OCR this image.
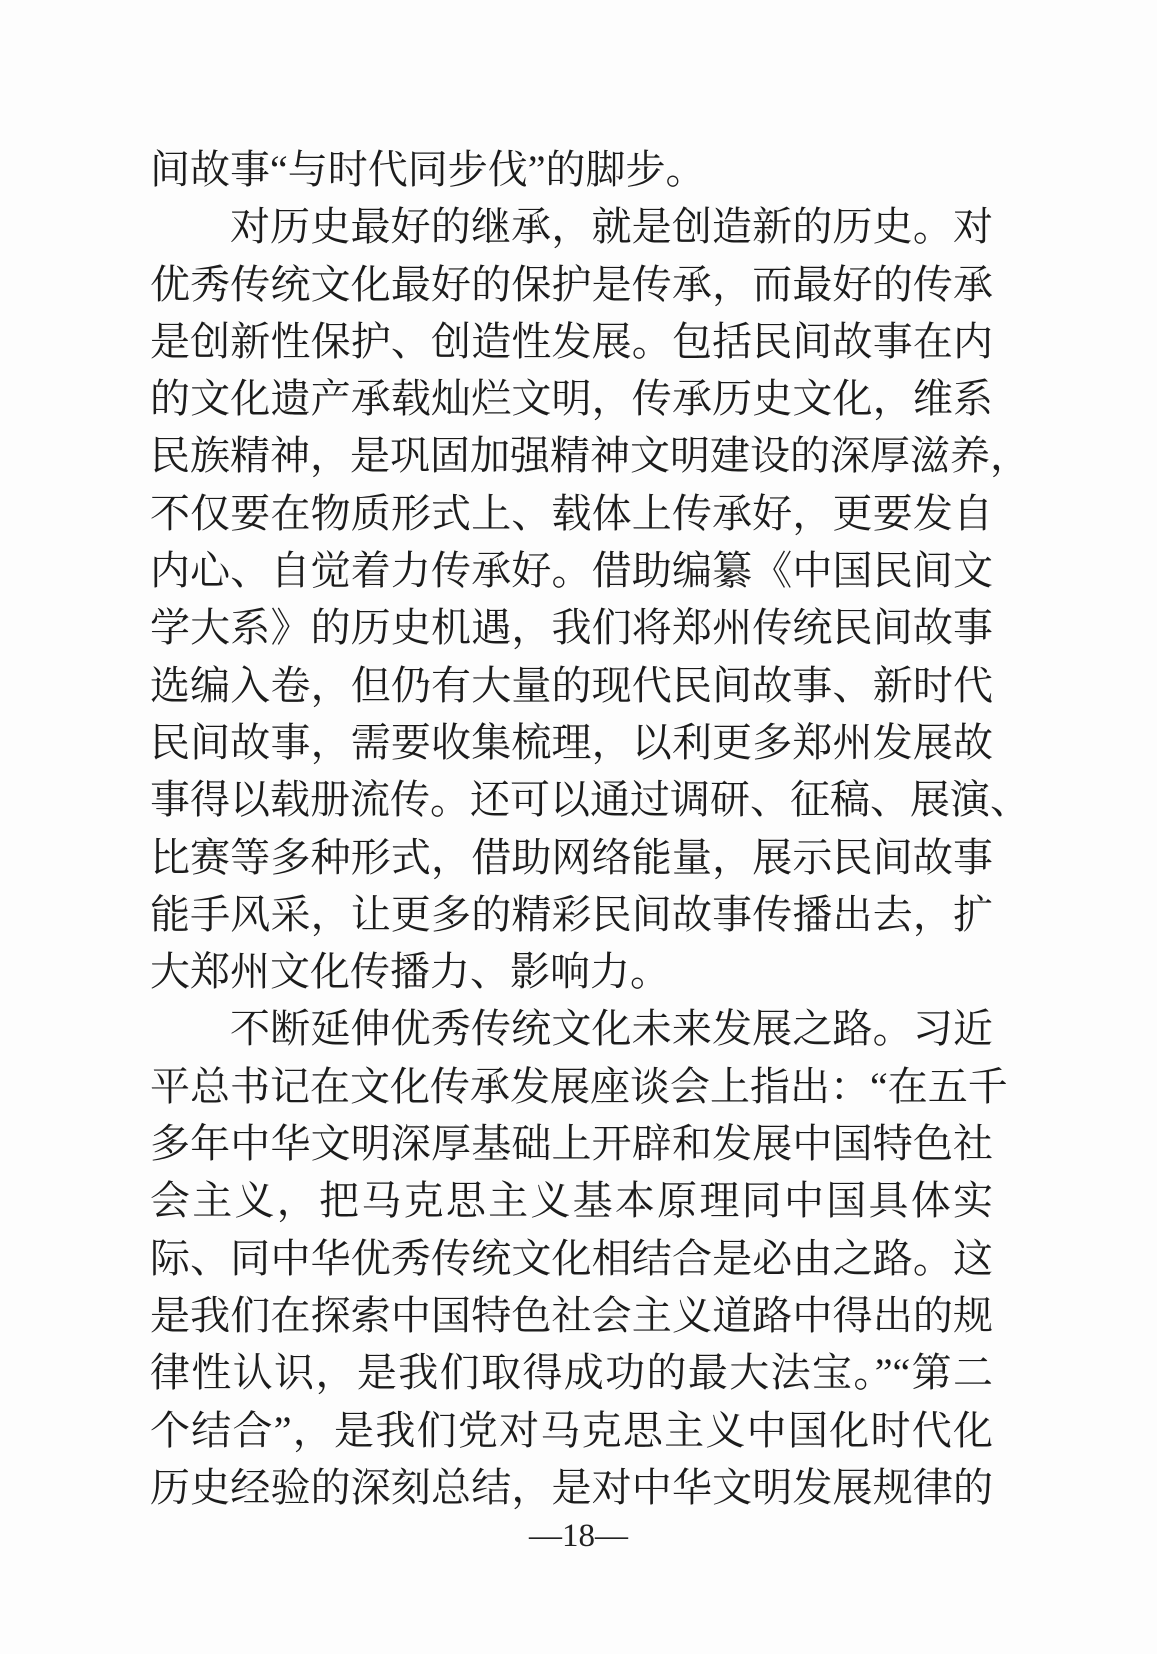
间故事“与时代同步伐”的脚步。
对历史最好的继承，就是创造新的历史。对
优秀传统文化最好的保护是传承，而最好的传承
是创新性保护、创造性发展。包括民间故事在内
的文化遗产承载灿烂文明，传承历史文化，维系
民族精神，是巩固加强精神文明建设的深厚滋养，
不仅要在物质形式上、载体上传承好，更要发自
内心、自觉着力传承好。借助编纂《中国民间文
学大系》的历史机遇，我们将郑州传统民间故事
选编入卷，但仍有大量的现代民间故事、新时代
民间故事，需要收集梳理，以利更多郑州发展故
事得以载册流传。还可以通过调研、征稿、展演、
比赛等多种形式，借助网络能量，展示民间故事
能手风采，让更多的精彩民间故事传播出去，扩
大郑州文化传播力、影响力。
不断延伸优秀传统文化未来发展之路。习近
平总书记在文化传承发展座谈会上指出：“在五千
多年中华文明深厚基础上开辟和发展中国特色社
会主义，把马克思主义基本原理同中国具体实
际、同中华优秀传统文化相结合是必由之路。这
是我们在探索中国特色社会主义道路中得出的规
律性认识，是我们取得成功的最大法宝。”“第二
个结合”，是我们党对马克思主义中国化时代化
历史经验的深刻总结，是对中华文明发展规律的
—18—
